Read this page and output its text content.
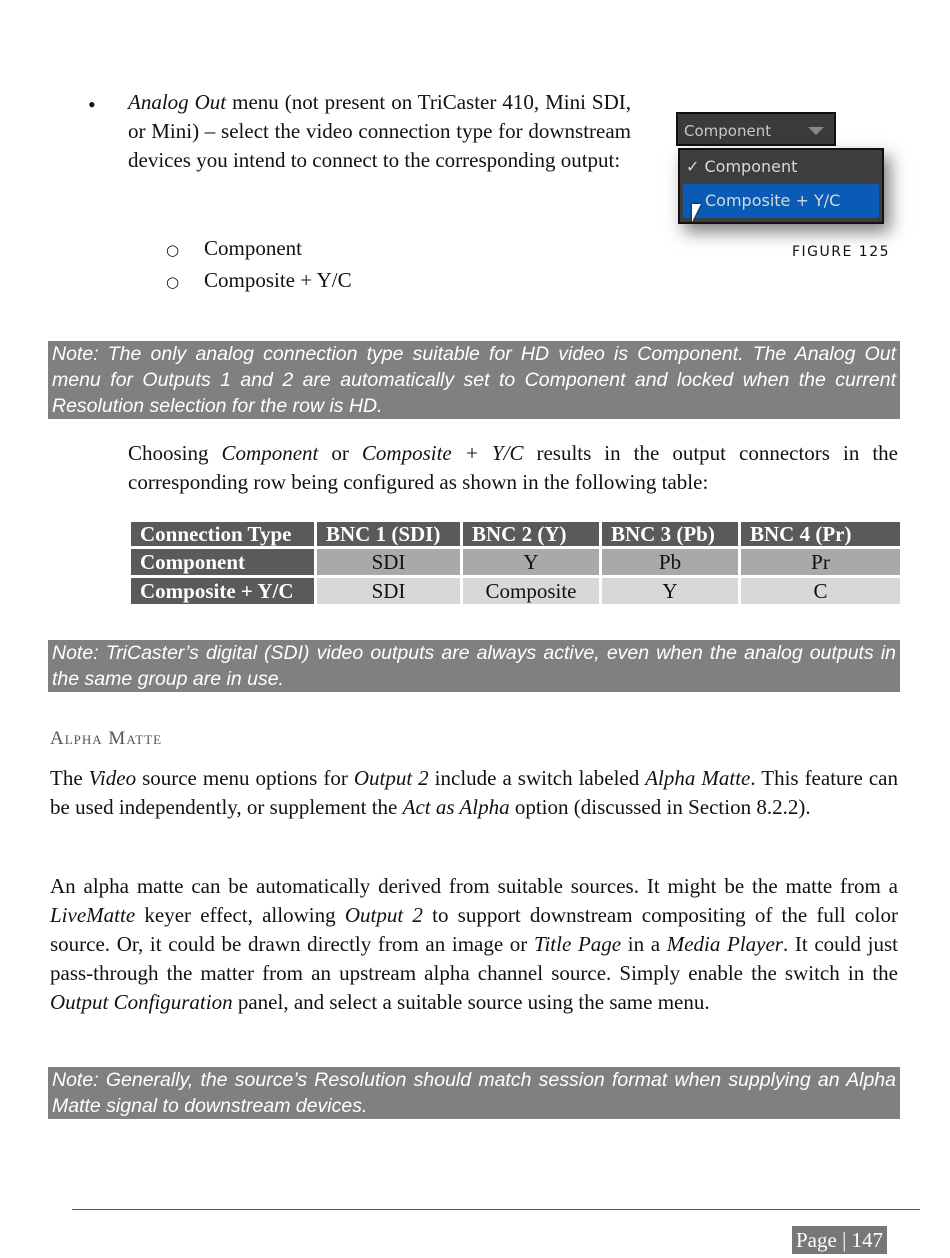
• Analog Out menu (not present on TriCaster 410, Mini SDI, or Mini) – select the video connection type for downstream devices you intend to connect to the corresponding output:

○ Component
○ Composite + Y/C
Component
✓ Component
Composite + Y/C
FIGURE 125
Note: The only analog connection type suitable for HD video is Component. The Analog Out menu for Outputs 1 and 2 are automatically set to Component and locked when the current Resolution selection for the row is HD.

Choosing Component or Composite + Y/C results in the output connectors in the corresponding row being configured as shown in the following table:

Connection Type	BNC 1 (SDI)	BNC 2 (Y)	BNC 3 (Pb)	BNC 4 (Pr)
Component	SDI	Y	Pb	Pr
Composite + Y/C	SDI	Composite	Y	C
Note: TriCaster’s digital (SDI) video outputs are always active, even when the analog outputs in the same group are in use.
Alpha Matte

The Video source menu options for Output 2 include a switch labeled Alpha Matte. This feature can be used independently, or supplement the Act as Alpha option (discussed in Section 8.2.2).

An alpha matte can be automatically derived from suitable sources. It might be the matte from a LiveMatte keyer effect, allowing Output 2 to support downstream compositing of the full color source. Or, it could be drawn directly from an image or Title Page in a Media Player. It could just pass-through the matter from an upstream alpha channel source. Simply enable the switch in the Output Configuration panel, and select a suitable source using the same menu.

Note: Generally, the source’s Resolution should match session format when supplying an Alpha Matte signal to downstream devices.
Page | 147
